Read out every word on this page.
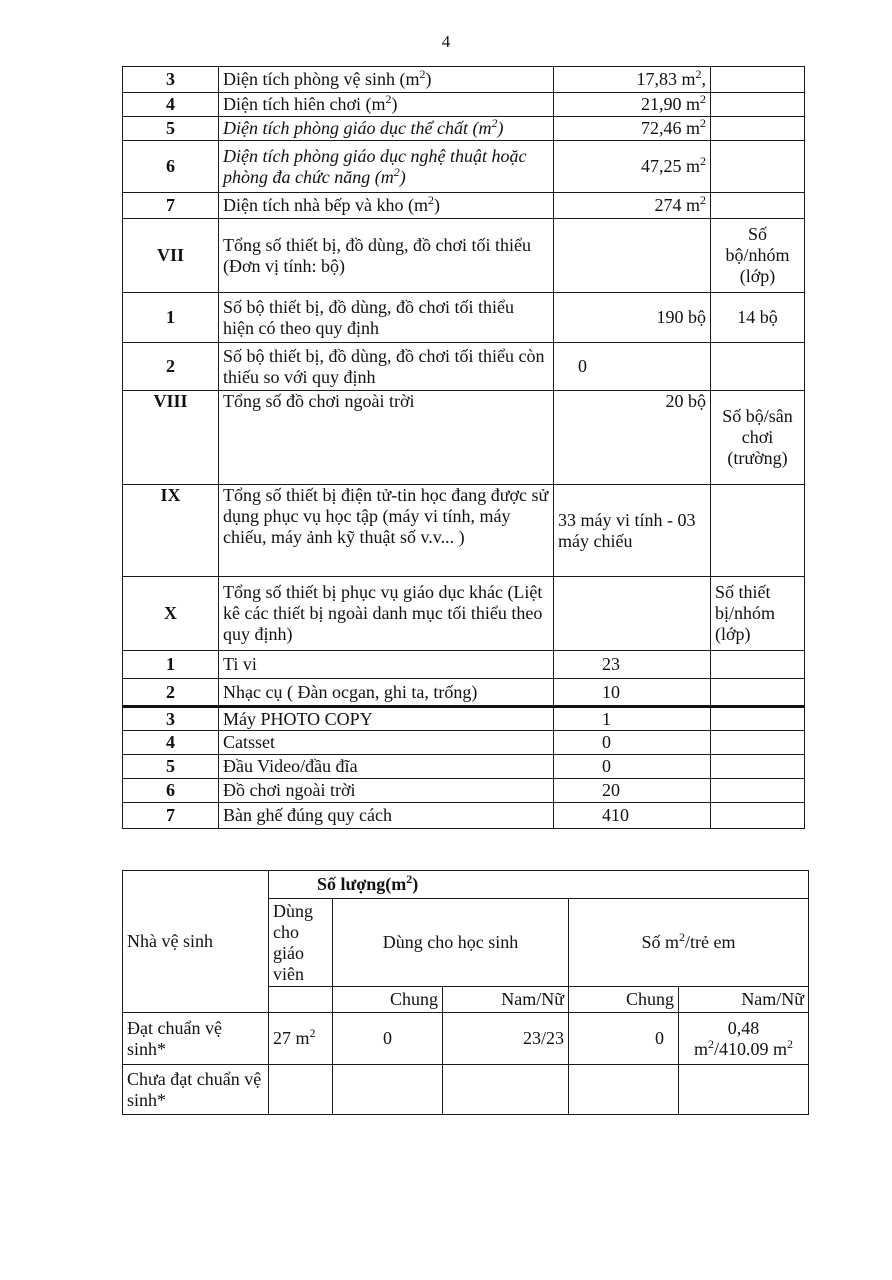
4
3	Diện tích phòng vệ $\sinh (m^2)$	17,83 $m^2$,	
4	Diện tích hiên chơi $(m^2)$	21,90 $m^2$	
5	Diện tích phòng giáo dục thể chất $(m^2)$	72,46 $m^2$	
6	Diện tích phòng giáo dục nghệ thuật hoặc phòng đa chức năng $(m^2)$	47,25 $m^2$	
7	Diện tích nhà bếp và kho $(m^2)$	274 $m^2$	
VII	Tổng số thiết bị, đồ dùng, đồ chơi tối thiểu (Đơn vị tính: bộ)		Số bộ/nhóm (lớp)
1	Số bộ thiết bị, đồ dùng, đồ chơi tối thiểu hiện có theo quy định	190 bộ	14 bộ
2	Số bộ thiết bị, đồ dùng, đồ chơi tối thiểu còn thiếu so với quy định	0	
VIII	Tổng số đồ chơi ngoài trời	20 bộ	Số bộ/sân chơi (trường)
IX	Tổng số thiết bị điện tử-tin học đang được sử dụng phục vụ học tập (máy vi tính, máy chiếu, máy ảnh kỹ thuật số v.v... )	33 máy vi tính - 03 máy chiếu	
X	Tổng số thiết bị phục vụ giáo dục khác (Liệt kê các thiết bị ngoài danh mục tối thiểu theo quy định)		Số thiết bị/nhóm (lớp)
1	Ti vi	23	
2	Nhạc cụ ( Đàn ocgan, ghi ta, trống)	10	
3	Máy PHOTO COPY	1	
4	Catsset	0	
5	Đầu Video/đầu đĩa	0	
6	Đồ chơi ngoài trời	20	
7	Bàn ghế đúng quy cách	410	
Nhà vệ sinh	Số $lượng(m^2)$				
	Dùng cho giáo viên	Dùng cho học sinh		Số $m^2$/trẻ em	
		Chung	Nam/Nữ	Chung	Nam/Nữ
Đạt chuẩn vệ sinh*	27 $m^2$	0	23/23	0	0,48
$m^2/410.09$ $m^2$
Chưa đạt chuẩn vệ sinh*					
